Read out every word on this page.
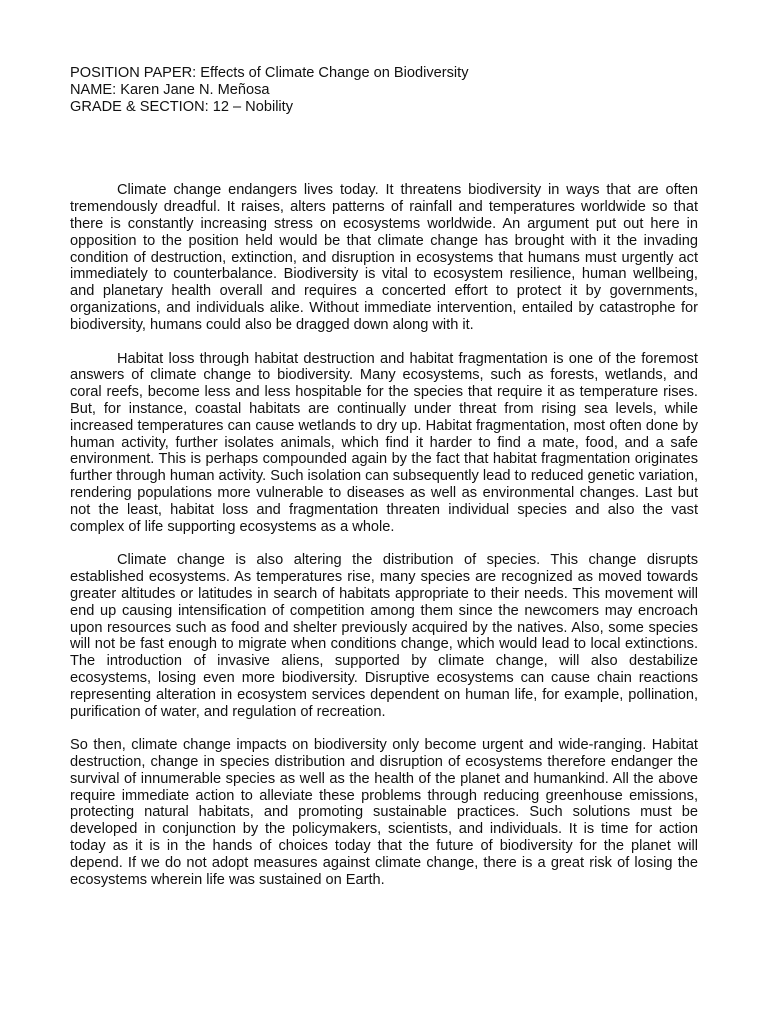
POSITION PAPER: Effects of Climate Change on Biodiversity

NAME: Karen Jane N. Meñosa

GRADE & SECTION: 12 – Nobility

Climate change endangers lives today. It threatens biodiversity in ways that are often tremendously dreadful. It raises, alters patterns of rainfall and temperatures worldwide so that there is constantly increasing stress on ecosystems worldwide. An argument put out here in opposition to the position held would be that climate change has brought with it the invading condition of destruction, extinction, and disruption in ecosystems that humans must urgently act immediately to counterbalance. Biodiversity is vital to ecosystem resilience, human wellbeing, and planetary health overall and requires a concerted effort to protect it by governments, organizations, and individuals alike. Without immediate intervention, entailed by catastrophe for biodiversity, humans could also be dragged down along with it.

Habitat loss through habitat destruction and habitat fragmentation is one of the foremost answers of climate change to biodiversity. Many ecosystems, such as forests, wetlands, and coral reefs, become less and less hospitable for the species that require it as temperature rises. But, for instance, coastal habitats are continually under threat from rising sea levels, while increased temperatures can cause wetlands to dry up. Habitat fragmentation, most often done by human activity, further isolates animals, which find it harder to find a mate, food, and a safe environment. This is perhaps compounded again by the fact that habitat fragmentation originates further through human activity. Such isolation can subsequently lead to reduced genetic variation, rendering populations more vulnerable to diseases as well as environmental changes. Last but not the least, habitat loss and fragmentation threaten individual species and also the vast complex of life supporting ecosystems as a whole.

Climate change is also altering the distribution of species. This change disrupts established ecosystems. As temperatures rise, many species are recognized as moved towards greater altitudes or latitudes in search of habitats appropriate to their needs. This movement will end up causing intensification of competition among them since the newcomers may encroach upon resources such as food and shelter previously acquired by the natives. Also, some species will not be fast enough to migrate when conditions change, which would lead to local extinctions. The introduction of invasive aliens, supported by climate change, will also destabilize ecosystems, losing even more biodiversity. Disruptive ecosystems can cause chain reactions representing alteration in ecosystem services dependent on human life, for example, pollination, purification of water, and regulation of recreation.

So then, climate change impacts on biodiversity only become urgent and wide-ranging. Habitat destruction, change in species distribution and disruption of ecosystems therefore endanger the survival of innumerable species as well as the health of the planet and humankind. All the above require immediate action to alleviate these problems through reducing greenhouse emissions, protecting natural habitats, and promoting sustainable practices. Such solutions must be developed in conjunction by the policymakers, scientists, and individuals. It is time for action today as it is in the hands of choices today that the future of biodiversity for the planet will depend. If we do not adopt measures against climate change, there is a great risk of losing the ecosystems wherein life was sustained on Earth.
